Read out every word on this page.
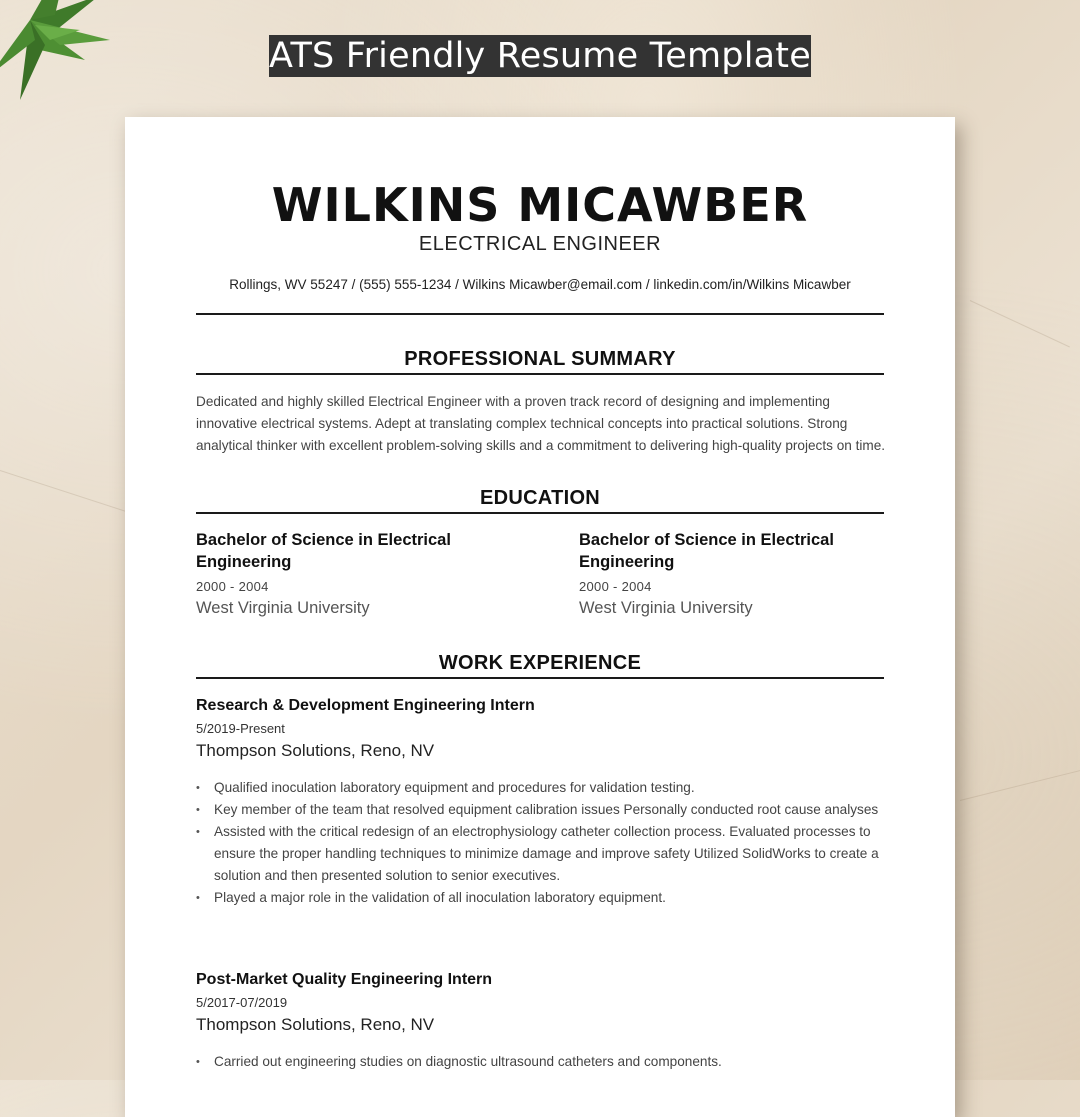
ATS Friendly Resume Template
WILKINS MICAWBER
ELECTRICAL ENGINEER
Rollings, WV 55247 / (555) 555-1234 / Wilkins Micawber@email.com / linkedin.com/in/Wilkins Micawber
PROFESSIONAL SUMMARY

Dedicated and highly skilled Electrical Engineer with a proven track record of designing and implementing innovative electrical systems. Adept at translating complex technical concepts into practical solutions. Strong analytical thinker with excellent problem-solving skills and a commitment to delivering high-quality projects on time.

EDUCATION
Bachelor of Science in Electrical Engineering
2000 - 2004
West Virginia University
Bachelor of Science in Electrical Engineering
2000 - 2004
West Virginia University
WORK EXPERIENCE
Research & Development Engineering Intern
5/2019-Present
Thompson Solutions, Reno, NV
• Qualified inoculation laboratory equipment and procedures for validation testing.
• Key member of the team that resolved equipment calibration issues Personally conducted root cause analyses
• Assisted with the critical redesign of an electrophysiology catheter collection process. Evaluated processes to ensure the proper handling techniques to minimize damage and improve safety Utilized SolidWorks to create a solution and then presented solution to senior executives.
• Played a major role in the validation of all inoculation laboratory equipment.
Post-Market Quality Engineering Intern
5/2017-07/2019
Thompson Solutions, Reno, NV
• Carried out engineering studies on diagnostic ultrasound catheters and components.
